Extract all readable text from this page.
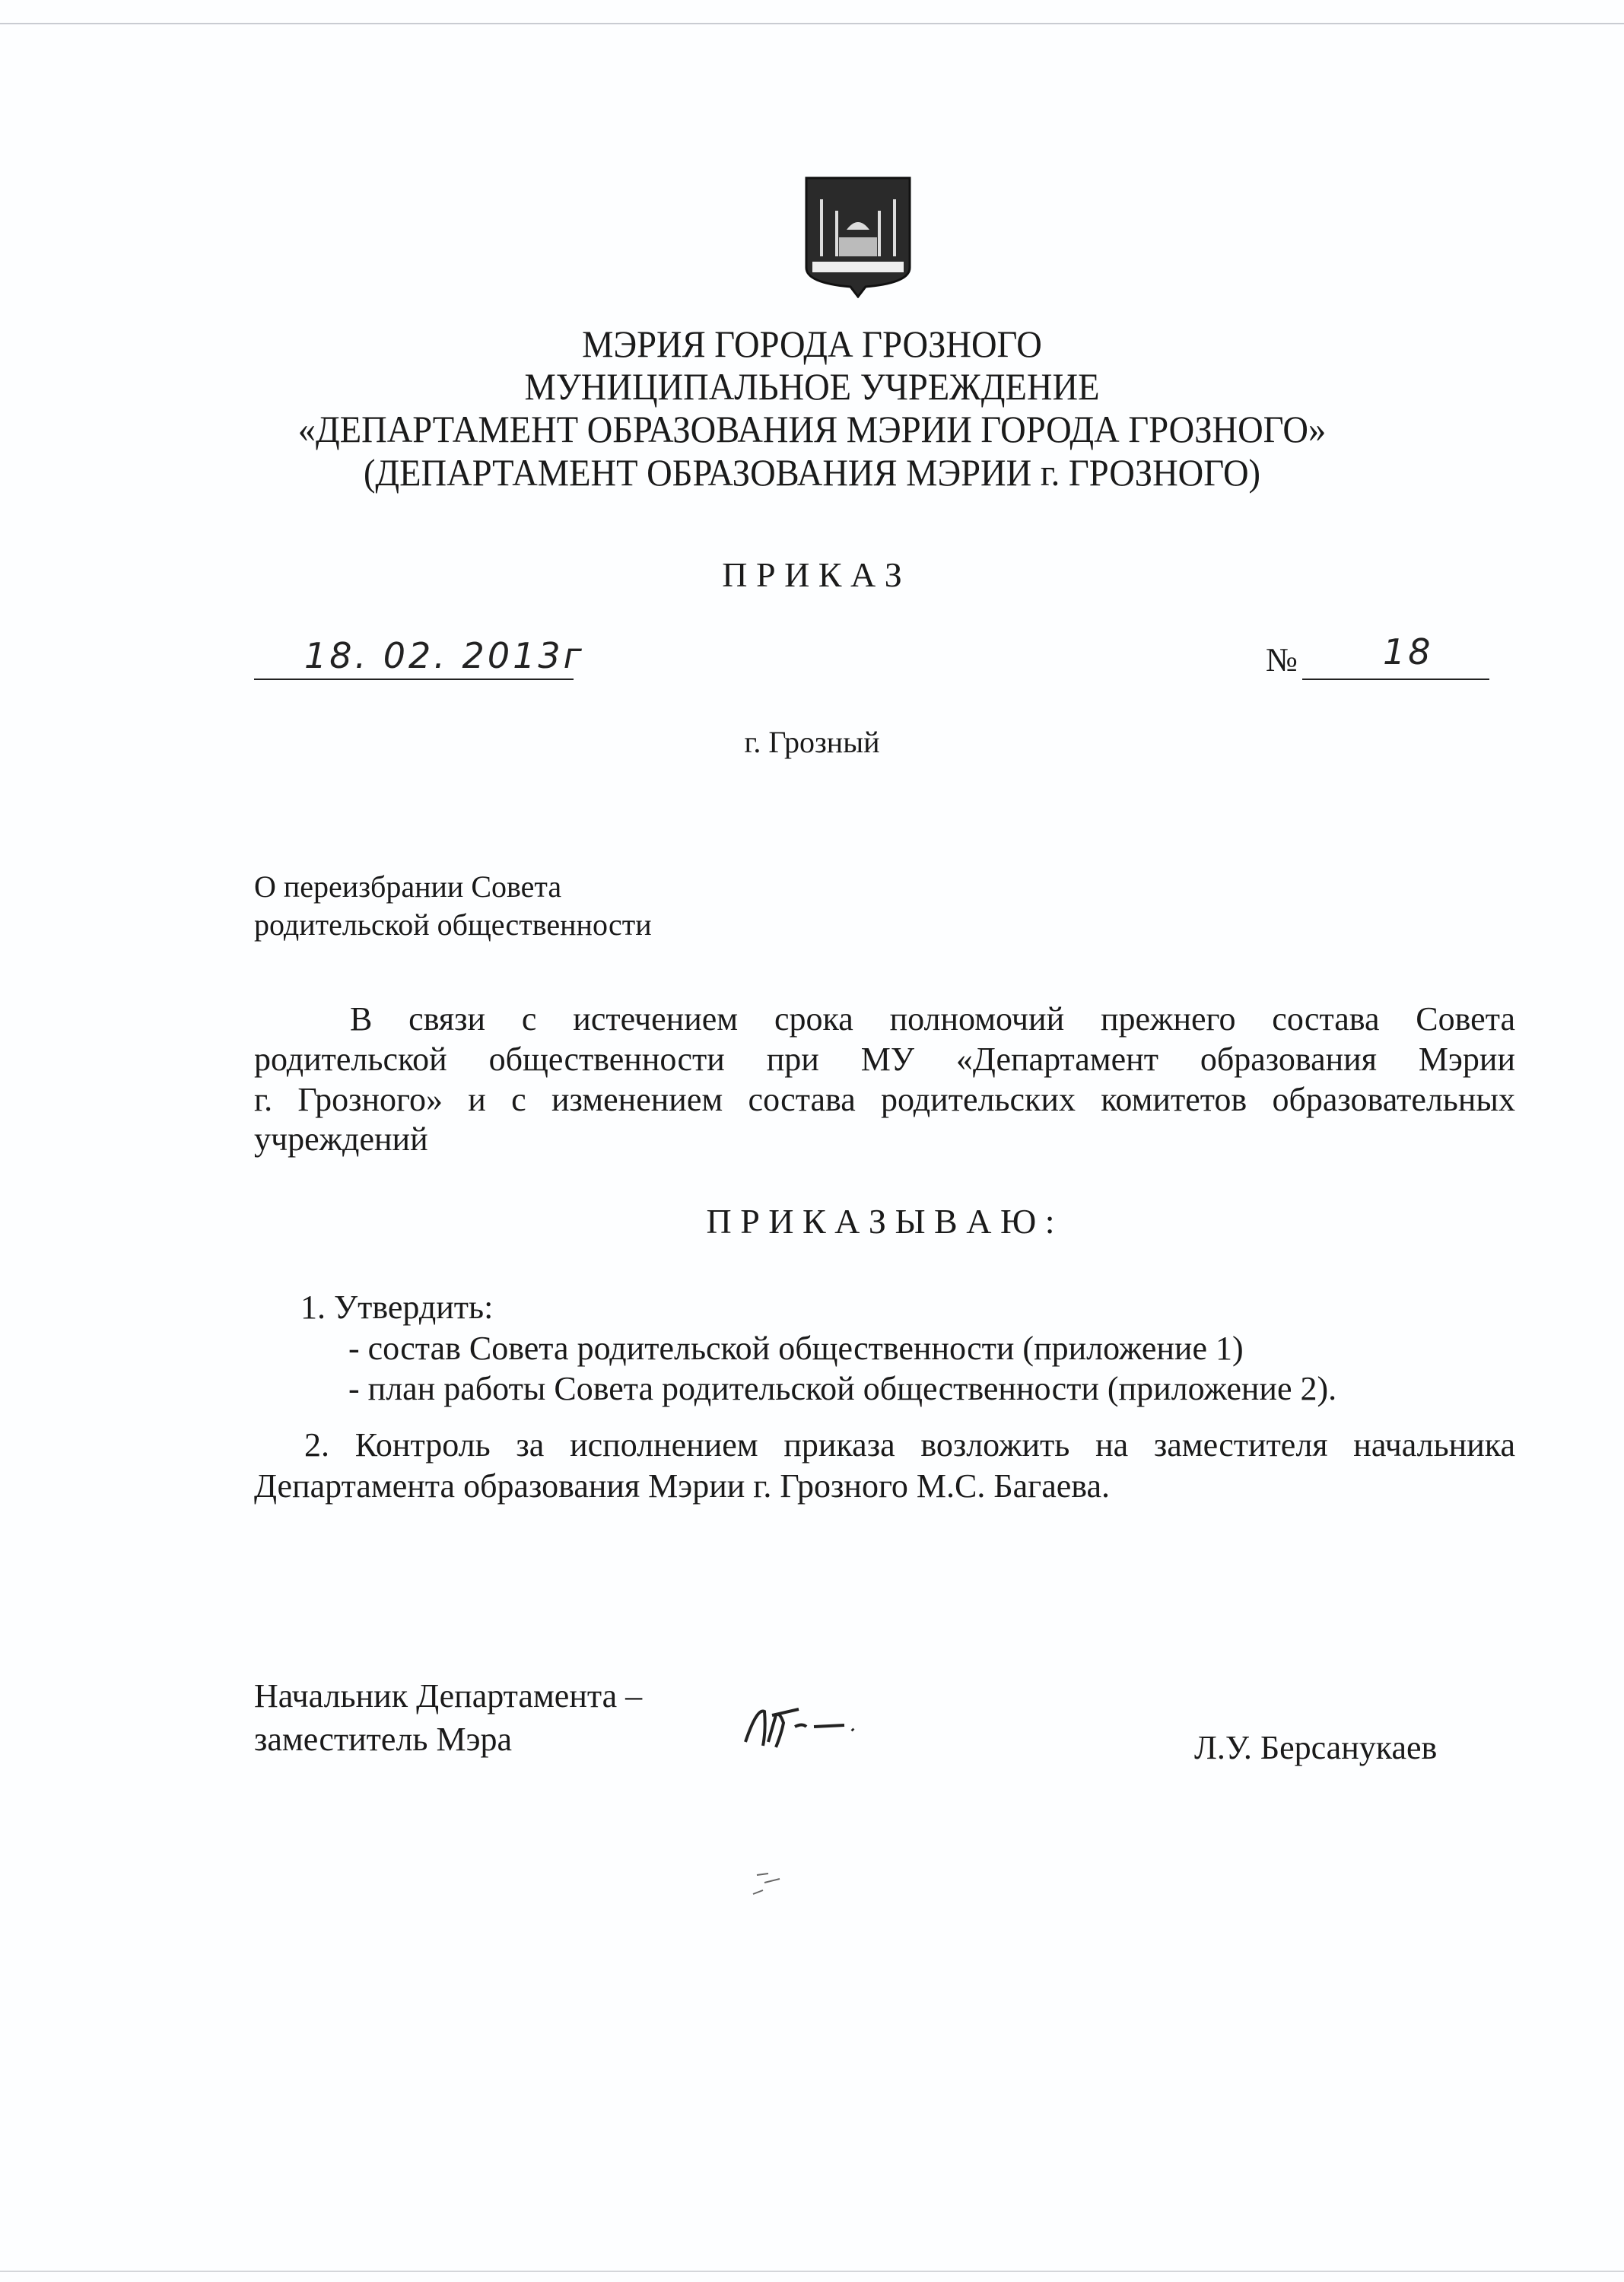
МЭРИЯ ГОРОДА ГРОЗНОГО
МУНИЦИПАЛЬНОЕ УЧРЕЖДЕНИЕ
«ДЕПАРТАМЕНТ ОБРАЗОВАНИЯ МЭРИИ ГОРОДА ГРОЗНОГО»
(ДЕПАРТАМЕНТ ОБРАЗОВАНИЯ МЭРИИ г. ГРОЗНОГО)
П Р И К А З
18. 02. 2013г	№ 18
г. Грозный
О переизбрании Совета
родительской общественности
В связи с истечением срока полномочий прежнего состава Совета
родительской общественности при МУ «Департамент образования Мэрии
г. Грозного» и с изменением состава родительских комитетов образовательных
учреждений
П Р И К А З Ы В А Ю :
1. Утвердить:
- состав Совета родительской общественности (приложение 1)
- план работы Совета родительской общественности (приложение 2).
2. Контроль за исполнением приказа возложить на заместителя начальника
Департамента образования Мэрии г. Грозного М.С. Багаева.
Начальник Департамента –
заместитель Мэра	Л.У. Берсанукаев
